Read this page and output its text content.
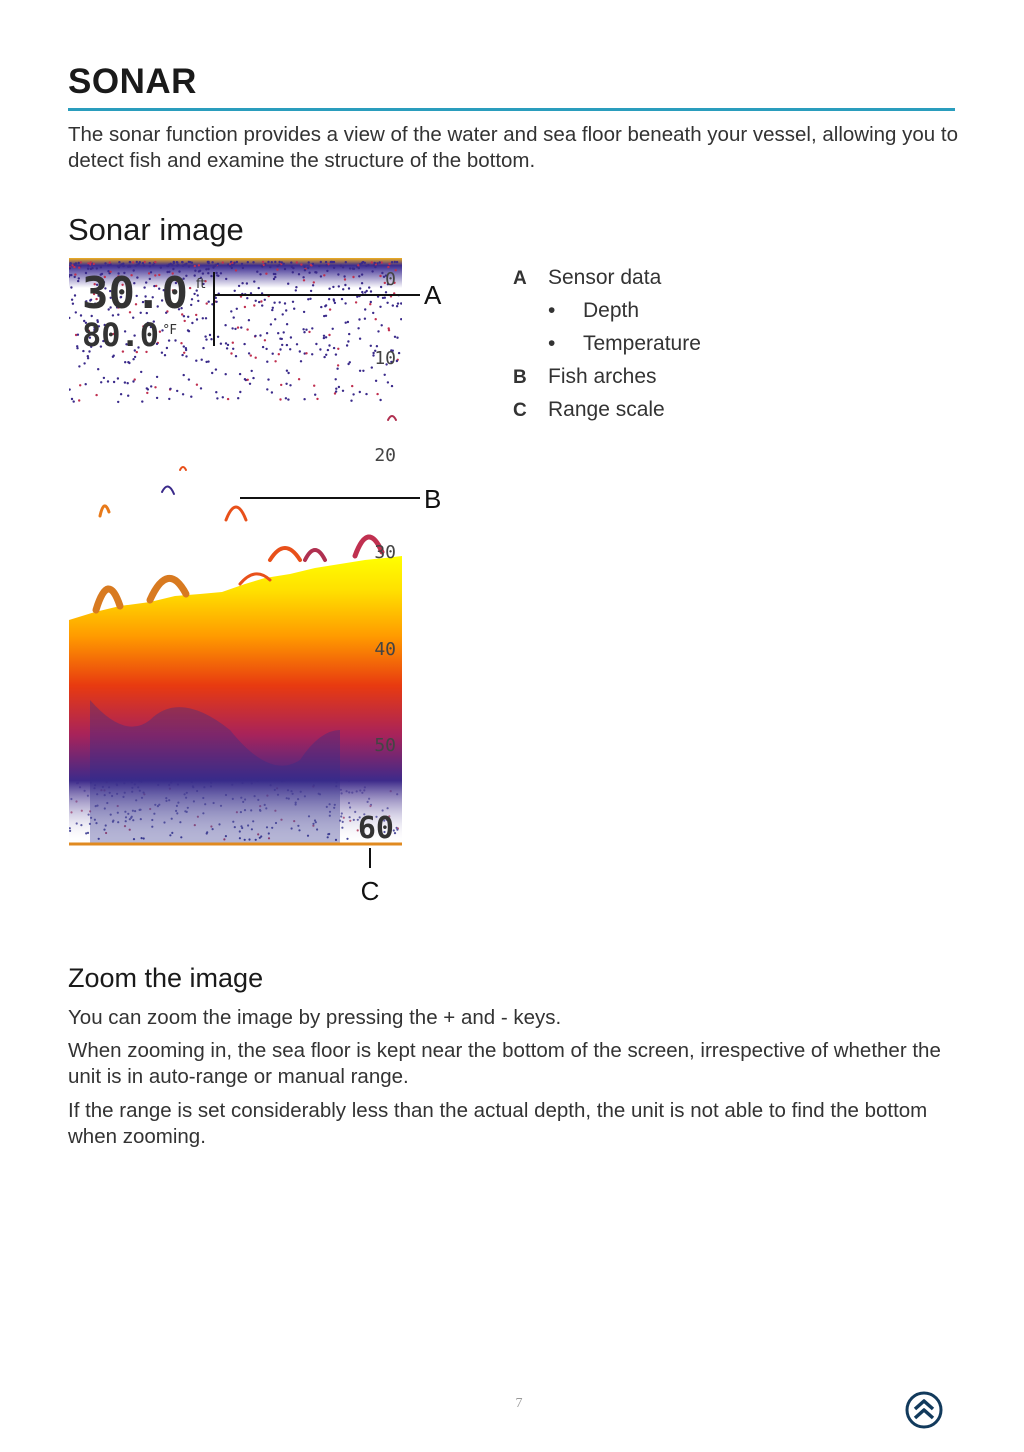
SONAR

The sonar function provides a view of the water and sea floor beneath your vessel, allowing you to detect fish and examine the structure of the bottom.

Sonar image
30.0 ft
80.0 °F
0
10
20
30
40
50
60
A
B
C
A Sensor data
• Depth
• Temperature
B Fish arches
C Range scale
Zoom the image

You can zoom the image by pressing the + and - keys.

When zooming in, the sea floor is kept near the bottom of the screen, irrespective of whether the unit is in auto-range or manual range.

If the range is set considerably less than the actual depth, the unit is not able to find the bottom when zooming.

7
